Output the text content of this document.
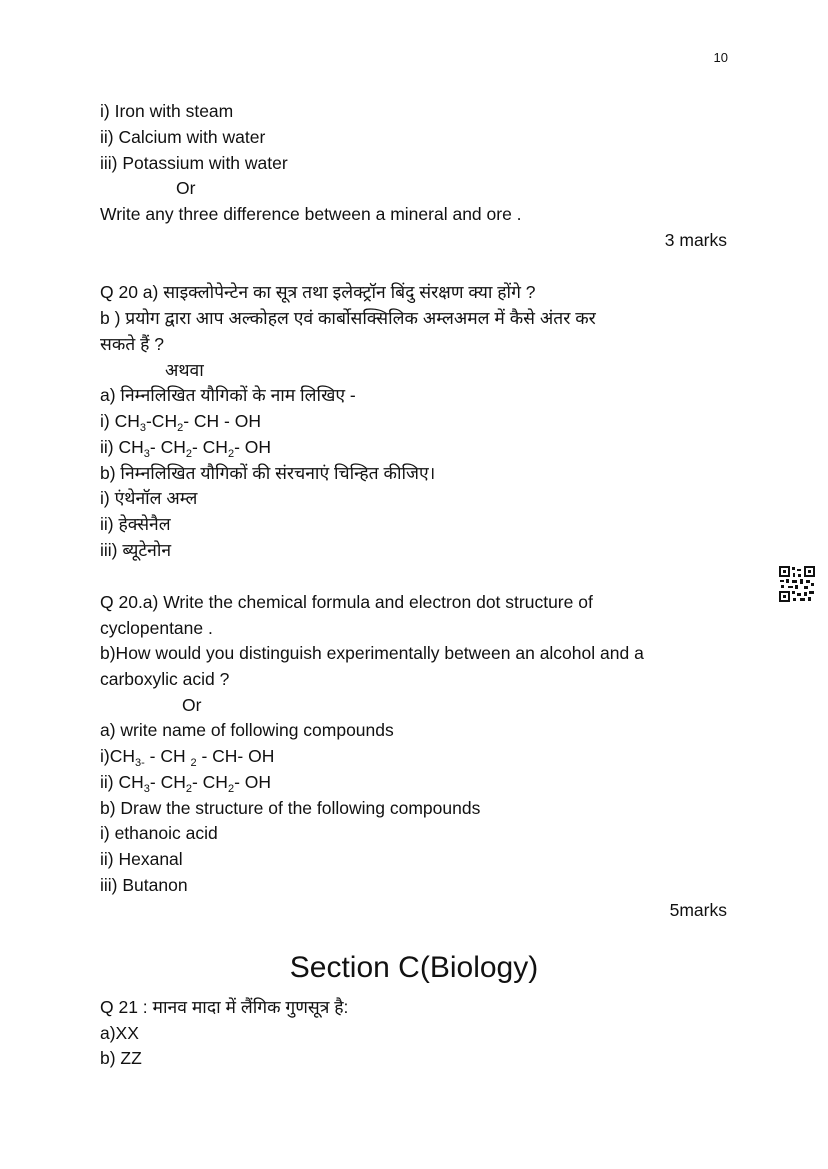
10
i) Iron with steam
ii) Calcium with water
iii) Potassium with water
Or
Write any three difference between a mineral and ore .
3 marks
Q 20 a) साइक्लोपेन्टेन का सूत्र तथा इलेक्ट्रॉन बिंदु संरक्षण क्या होंगे ?
b ) प्रयोग द्वारा आप अल्कोहल एवं कार्बोसक्सिलिक अम्लअमल में कैसे अंतर कर
सकते हैं ?
अथवा
a) निम्नलिखित यौगिकों के नाम लिखिए -
i) $CH_3-CH_2-$ CH - OH
ii) $CH_3-$ $CH_2-$ $CH_2-$ OH
b) निम्नलिखित यौगिकों की संरचनाएं चिन्हित कीजिए।
i) एंथेनॉल अम्ल
ii) हेक्सेनैल
iii) ब्यूटेनोन
Q 20.a) Write the chemical formula and electron dot structure of
cyclopentane .
b)How would you distinguish experimentally between an alcohol and a
carboxylic acid ?
Or
a) write name of following compounds
$i)CH_{3-}$ - CH $_2$ - CH- OH
ii) $CH_3-$ $CH_2-$ $CH_2-$ OH
b) Draw the structure of the following compounds
i) ethanoic acid
ii) Hexanal
iii) Butanon
5marks
Section C(Biology)
Q 21 : मानव मादा में लैंगिक गुणसूत्र है:
a)XX
b) ZZ
